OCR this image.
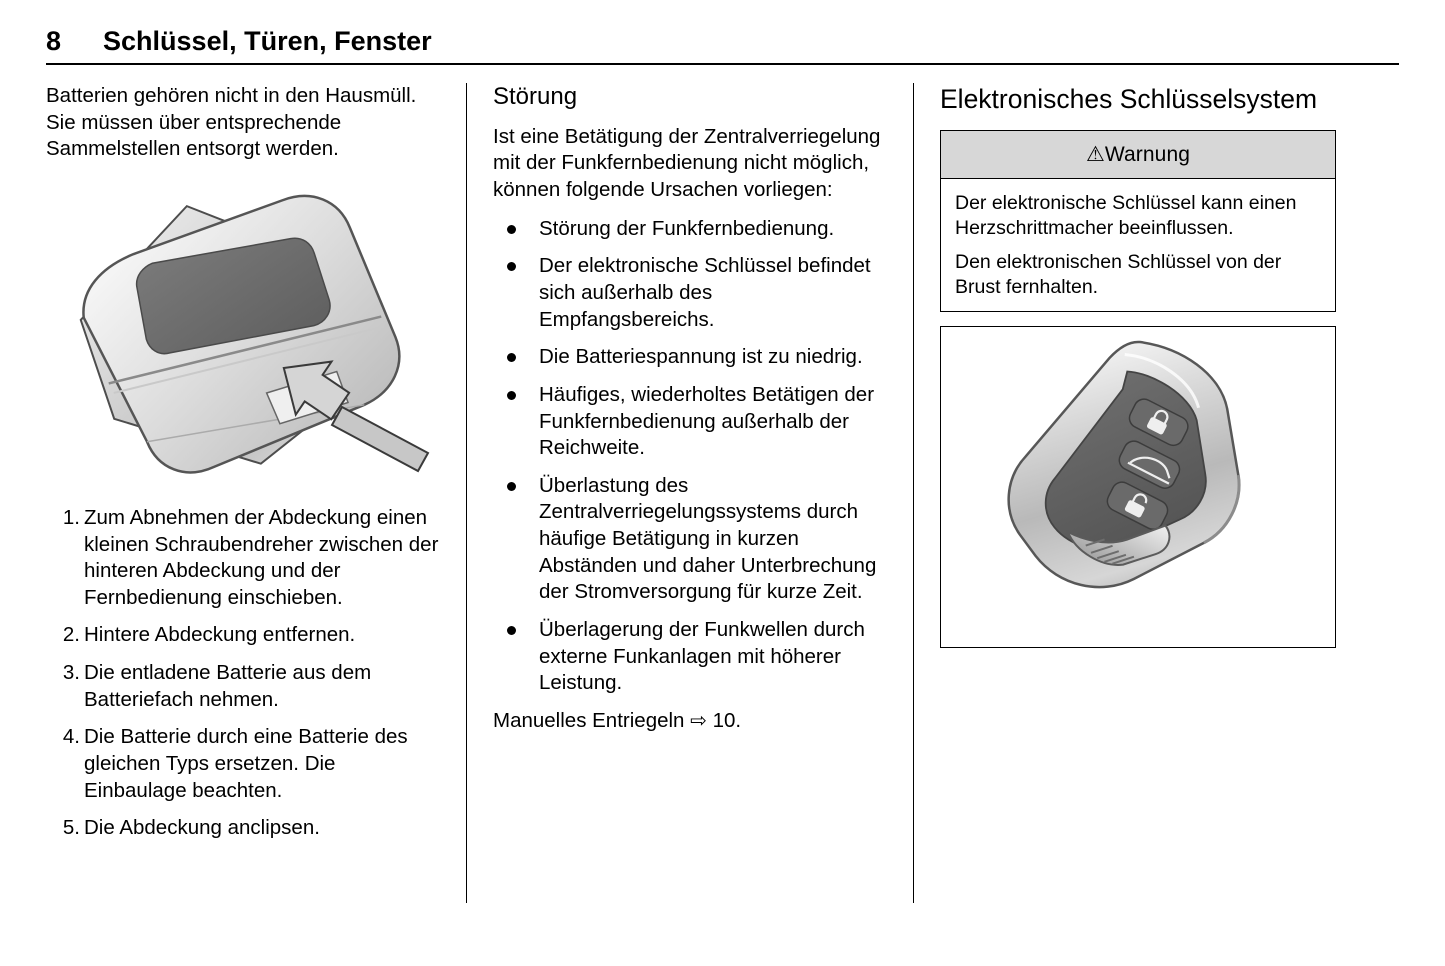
8 Schlüssel, Türen, Fenster

Batterien gehören nicht in den Hausmüll. Sie müssen über entsprechende Sammelstellen entsorgt werden.

Zum Abnehmen der Abdeckung einen kleinen Schraubendreher zwischen der hinteren Abdeckung und der Fernbedienung einschieben.
Hintere Abdeckung entfernen.
Die entladene Batterie aus dem Batteriefach nehmen.
Die Batterie durch eine Batterie des gleichen Typs ersetzen. Die Einbaulage beachten.
Die Abdeckung anclipsen.
Störung

Ist eine Betätigung der Zentralverriegelung mit der Funkfernbedienung nicht möglich, können folgende Ursachen vorliegen:

Störung der Funkfernbedienung.
Der elektronische Schlüssel befindet sich außerhalb des Empfangsbereichs.
Die Batteriespannung ist zu niedrig.
Häufiges, wiederholtes Betätigen der Funkfernbedienung außerhalb der Reichweite.
Überlastung des Zentralverriegelungssystems durch häufige Betätigung in kurzen Abständen und daher Unterbrechung der Stromversorgung für kurze Zeit.
Überlagerung der Funkwellen durch externe Funkanlagen mit höherer Leistung.

Manuelles Entriegeln ⇨ 10.

Elektronisches Schlüsselsystem
⚠Warnung

Der elektronische Schlüssel kann einen Herzschrittmacher beeinflussen.

Den elektronischen Schlüssel von der Brust fernhalten.
